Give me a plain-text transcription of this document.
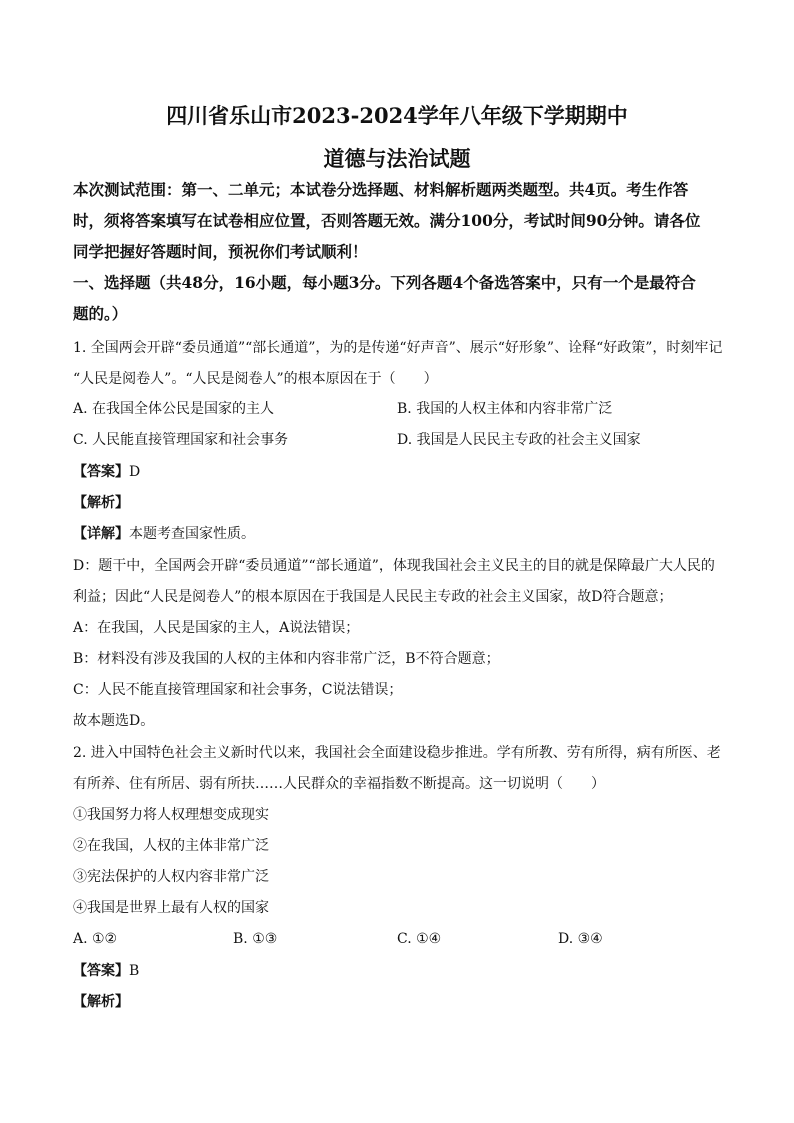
四川省乐山市2023-2024学年八年级下学期期中
道德与法治试题
本次测试范围：第一、二单元；本试卷分选择题、材料解析题两类题型。共4页。考生作答
时，须将答案填写在试卷相应位置，否则答题无效。满分100分，考试时间90分钟。请各位
同学把握好答题时间，预祝你们考试顺利！
一、选择题（共48分，16小题，每小题3分。下列各题4个备选答案中，只有一个是最符合
题的。）
1. 全国两会开辟“委员通道”“部长通道”，为的是传递“好声音”、展示“好形象”、诠释“好政策”，时刻牢记
“人民是阅卷人”。“人民是阅卷人”的根本原因在于（　　）
A. 在我国全体公民是国家的主人	B. 我国的人权主体和内容非常广泛
C. 人民能直接管理国家和社会事务	D. 我国是人民民主专政的社会主义国家
【答案】D
【解析】
【详解】本题考查国家性质。
D：题干中，全国两会开辟“委员通道”“部长通道”，体现我国社会主义民主的目的就是保障最广大人民的
利益；因此“人民是阅卷人”的根本原因在于我国是人民民主专政的社会主义国家，故D符合题意；
A：在我国，人民是国家的主人，A说法错误；
B：材料没有涉及我国的人权的主体和内容非常广泛，B不符合题意；
C：人民不能直接管理国家和社会事务，C说法错误；
故本题选D。
2. 进入中国特色社会主义新时代以来，我国社会全面建设稳步推进。学有所教、劳有所得，病有所医、老
有所养、住有所居、弱有所扶……人民群众的幸福指数不断提高。这一切说明（　　）
①我国努力将人权理想变成现实
②在我国，人权的主体非常广泛
③宪法保护的人权内容非常广泛
④我国是世界上最有人权的国家
A. ①②	B. ①③	C. ①④	D. ③④
【答案】B
【解析】
